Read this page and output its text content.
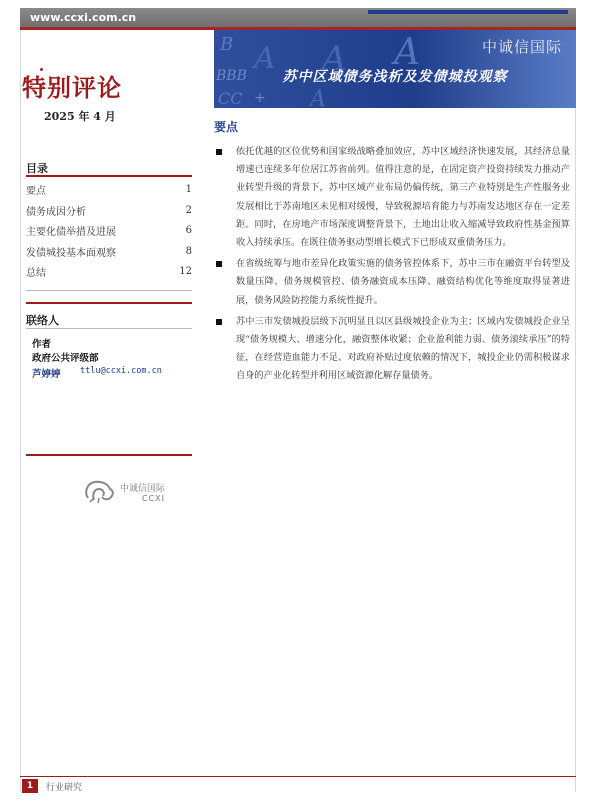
www.ccxi.com.cn
特别评论
2025 年 4 月
目录
要点	1
债务成因分析	2
主要化债举措及进展	6
发债城投基本面观察	8
总结	12
联络人
作者
政府公共评级部
芦婷婷	ttlu@ccxi.com.cn
中诚信国际
CCXI
B A
BBB A A
CC + A
中诚信国际
苏中区域债务浅析及发债城投观察
要点
依托优越的区位优势和国家级战略叠加效应，苏中区域经济快速发展，其经济总量增速已连续多年位居江苏省前列。值得注意的是，在固定资产投资持续发力推动产业转型升级的背景下，苏中区域产业布局仍偏传统，第三产业特别是生产性服务业发展相比于苏南地区未见相对缓慢，导致税源培育能力与苏南发达地区存在一定差距。同时，在房地产市场深度调整背景下，土地出让收入缩减导致政府性基金预算收入持续承压。在既往债务驱动型增长模式下已形成双重债务压力。
在省级统筹与地市差异化政策实施的债务管控体系下，苏中三市在融资平台转型及数量压降、债务规模管控、债务融资成本压降、融资结构优化等维度取得显著进展，债务风险防控能力系统性提升。
苏中三市发债城投层级下沉明显且以区县级城投企业为主；区域内发债城投企业呈现“债务规模大、增速分化，融资整体收紧；企业盈利能力弱、债务滚续承压”的特征，在经营造血能力不足、对政府补贴过度依赖的情况下，城投企业仍需积极谋求自身的产业化转型并利用区域资源化解存量债务。
1	行业研究
